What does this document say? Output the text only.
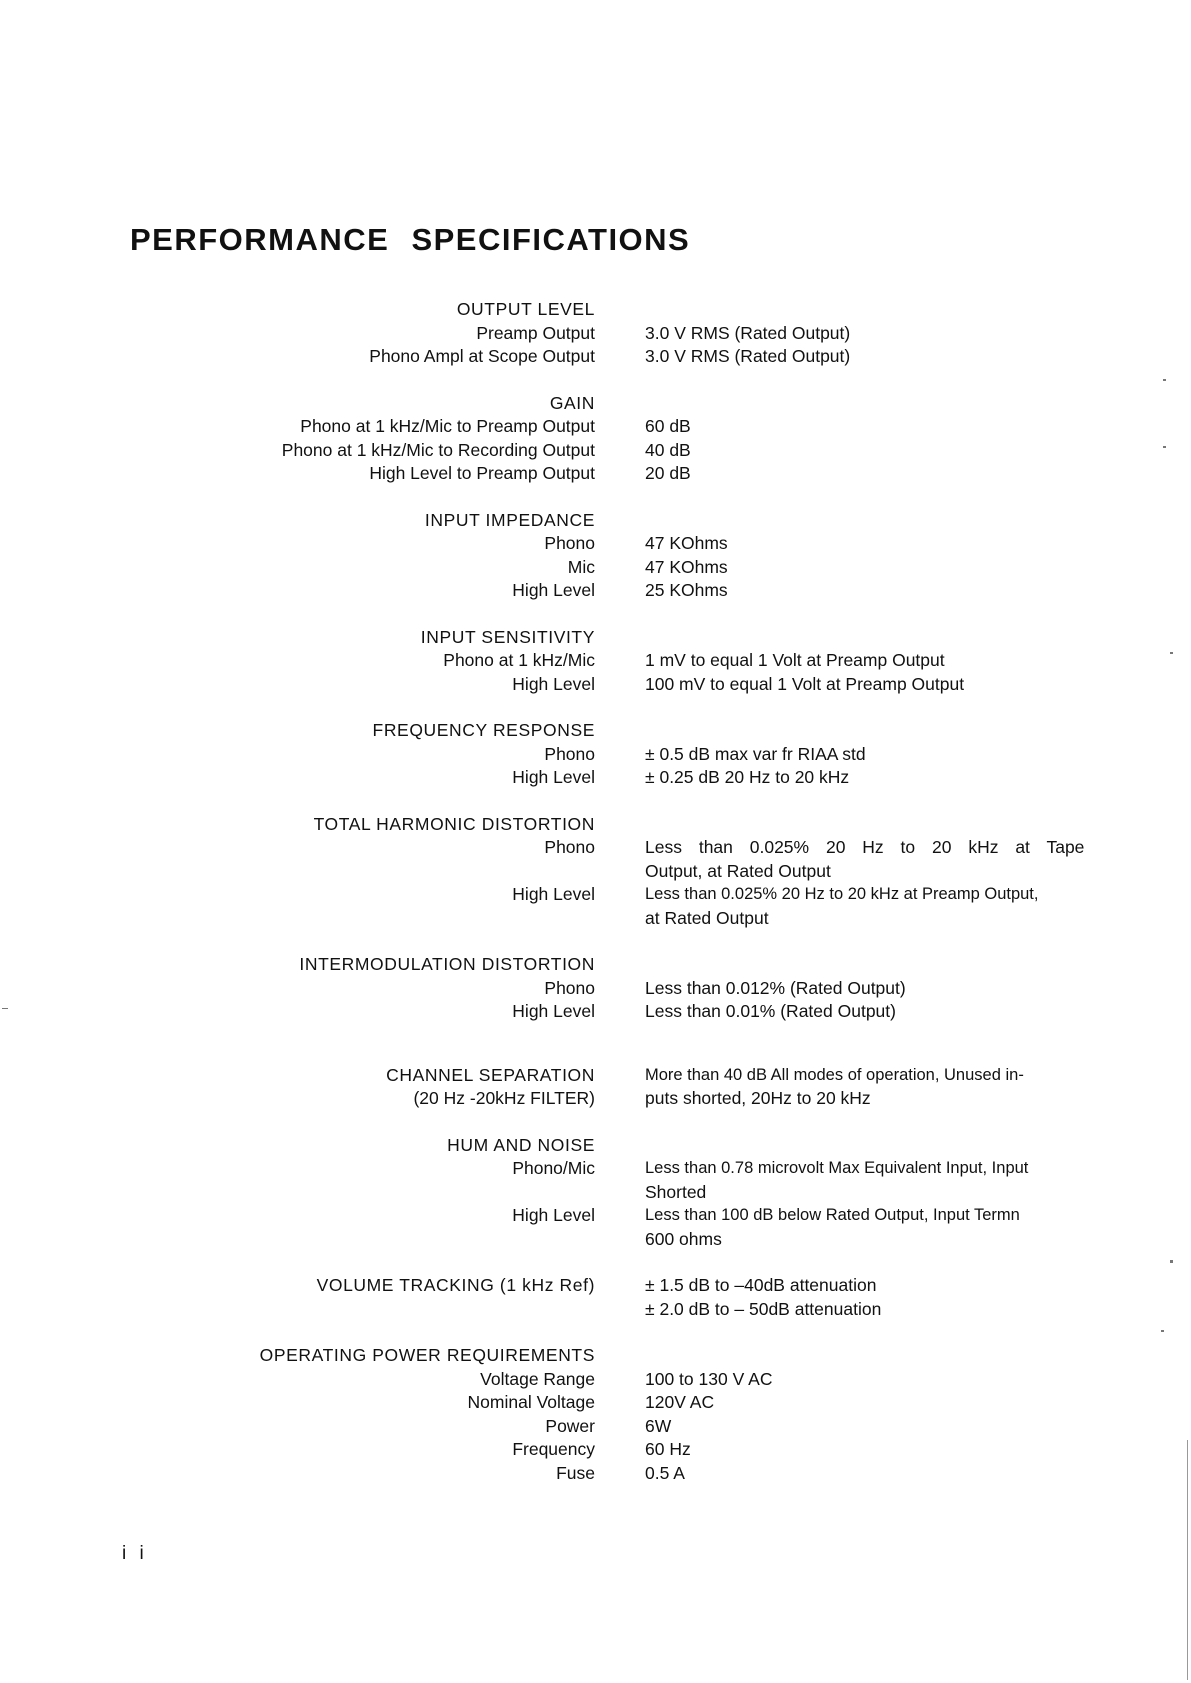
PERFORMANCE SPECIFICATIONS
OUTPUT LEVEL
Preamp Output	3.0 V RMS (Rated Output)
Phono Ampl at Scope Output	3.0 V RMS (Rated Output)
GAIN
Phono at 1 kHz/Mic to Preamp Output	60 dB
Phono at 1 kHz/Mic to Recording Output	40 dB
High Level to Preamp Output	20 dB
INPUT IMPEDANCE
Phono	47 KOhms
Mic	47 KOhms
High Level	25 KOhms
INPUT SENSITIVITY
Phono at 1 kHz/Mic	1 mV to equal 1 Volt at Preamp Output
High Level	100 mV to equal 1 Volt at Preamp Output
FREQUENCY RESPONSE
Phono	± 0.5 dB max var fr RIAA std
High Level	± 0.25 dB 20 Hz to 20 kHz
TOTAL HARMONIC DISTORTION
Phono	Less than 0.025% 20 Hz to 20 kHz at Tape
Output, at Rated Output
High Level	Less than 0.025% 20 Hz to 20 kHz at Preamp Output,
at Rated Output
INTERMODULATION DISTORTION
Phono	Less than 0.012% (Rated Output)
High Level	Less than 0.01% (Rated Output)
CHANNEL SEPARATION	More than 40 dB All modes of operation, Unused in-
(20 Hz -20kHz FILTER)	puts shorted, 20Hz to 20 kHz
HUM AND NOISE
Phono/Mic	Less than 0.78 microvolt Max Equivalent Input, Input
Shorted
High Level	Less than 100 dB below Rated Output, Input Termn
600 ohms
VOLUME TRACKING (1 kHz Ref)	± 1.5 dB to –40dB attenuation
± 2.0 dB to – 50dB attenuation
OPERATING POWER REQUIREMENTS
Voltage Range	100 to 130 V AC
Nominal Voltage	120V AC
Power	6W
Frequency	60 Hz
Fuse	0.5 A
i i
